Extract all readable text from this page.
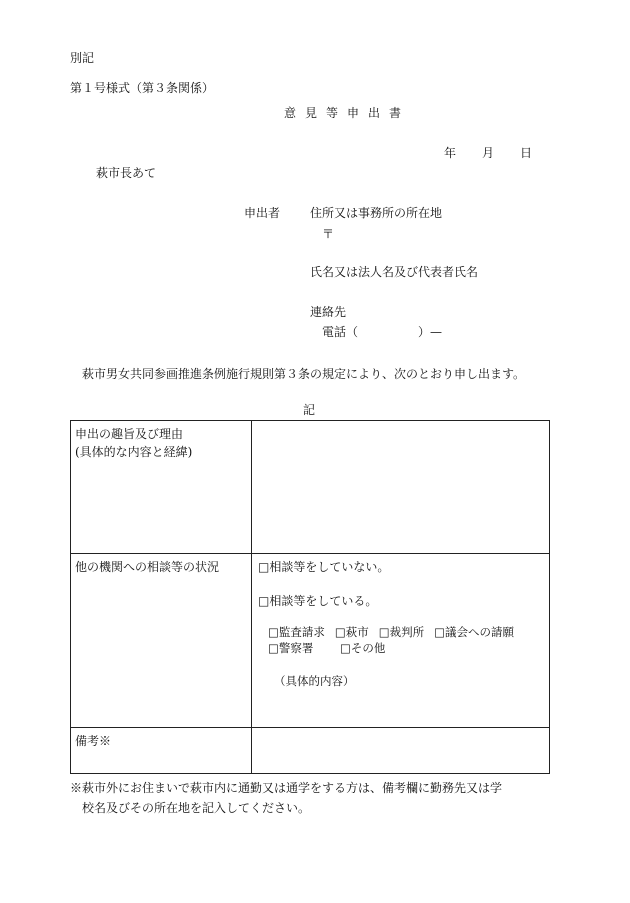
別記
第１号様式（第３条関係）
意見等申出書
年 月 日
萩市長あて
申出者 住所又は事務所の所在地
〒
氏名又は法人名及び代表者氏名
連絡先
電話（　　　　　）—
萩市男女共同参画推進条例施行規則第３条の規定により、次のとおり申し出ます。
記
申出の趣旨及び理由
(具体的な内容と経緯)	

他の機関への相談等の状況	□相談等をしていない。
□相談等をしている。
□監査請求 □萩市 □裁判所 □議会への請願
□警察署 □その他
（具体的内容）

備考※	

※萩市外にお住まいで萩市内に通勤又は通学をする方は、備考欄に勤務先又は学
校名及びその所在地を記入してください。
